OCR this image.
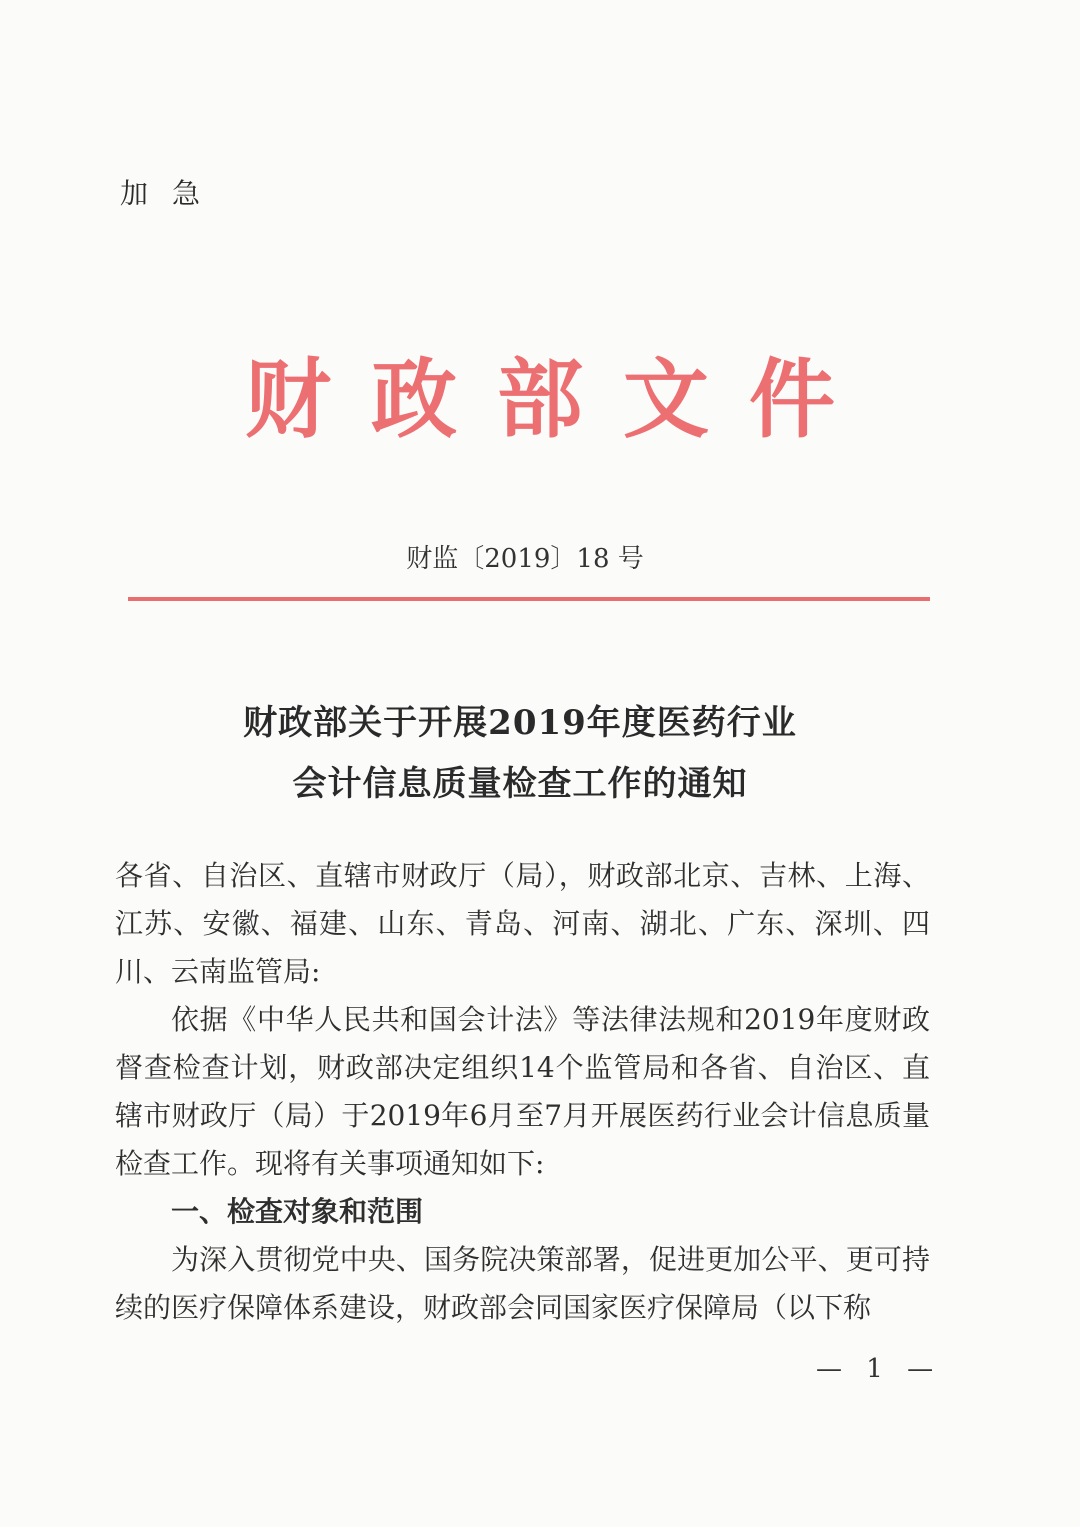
加急
财政部文件
财监〔2019〕18 号
财政部关于开展2019年度医药行业
会计信息质量检查工作的通知

各省、自治区、直辖市财政厅（局），财政部北京、吉林、上海、江苏、安徽、福建、山东、青岛、河南、湖北、广东、深圳、四川、云南监管局:

依据《中华人民共和国会计法》等法律法规和2019年度财政督查检查计划，财政部决定组织14个监管局和各省、自治区、直辖市财政厅（局）于2019年6月至7月开展医药行业会计信息质量检查工作。现将有关事项通知如下:

一、检查对象和范围

为深入贯彻党中央、国务院决策部署，促进更加公平、更可持续的医疗保障体系建设，财政部会同国家医疗保障局（以下称

— 1 —
